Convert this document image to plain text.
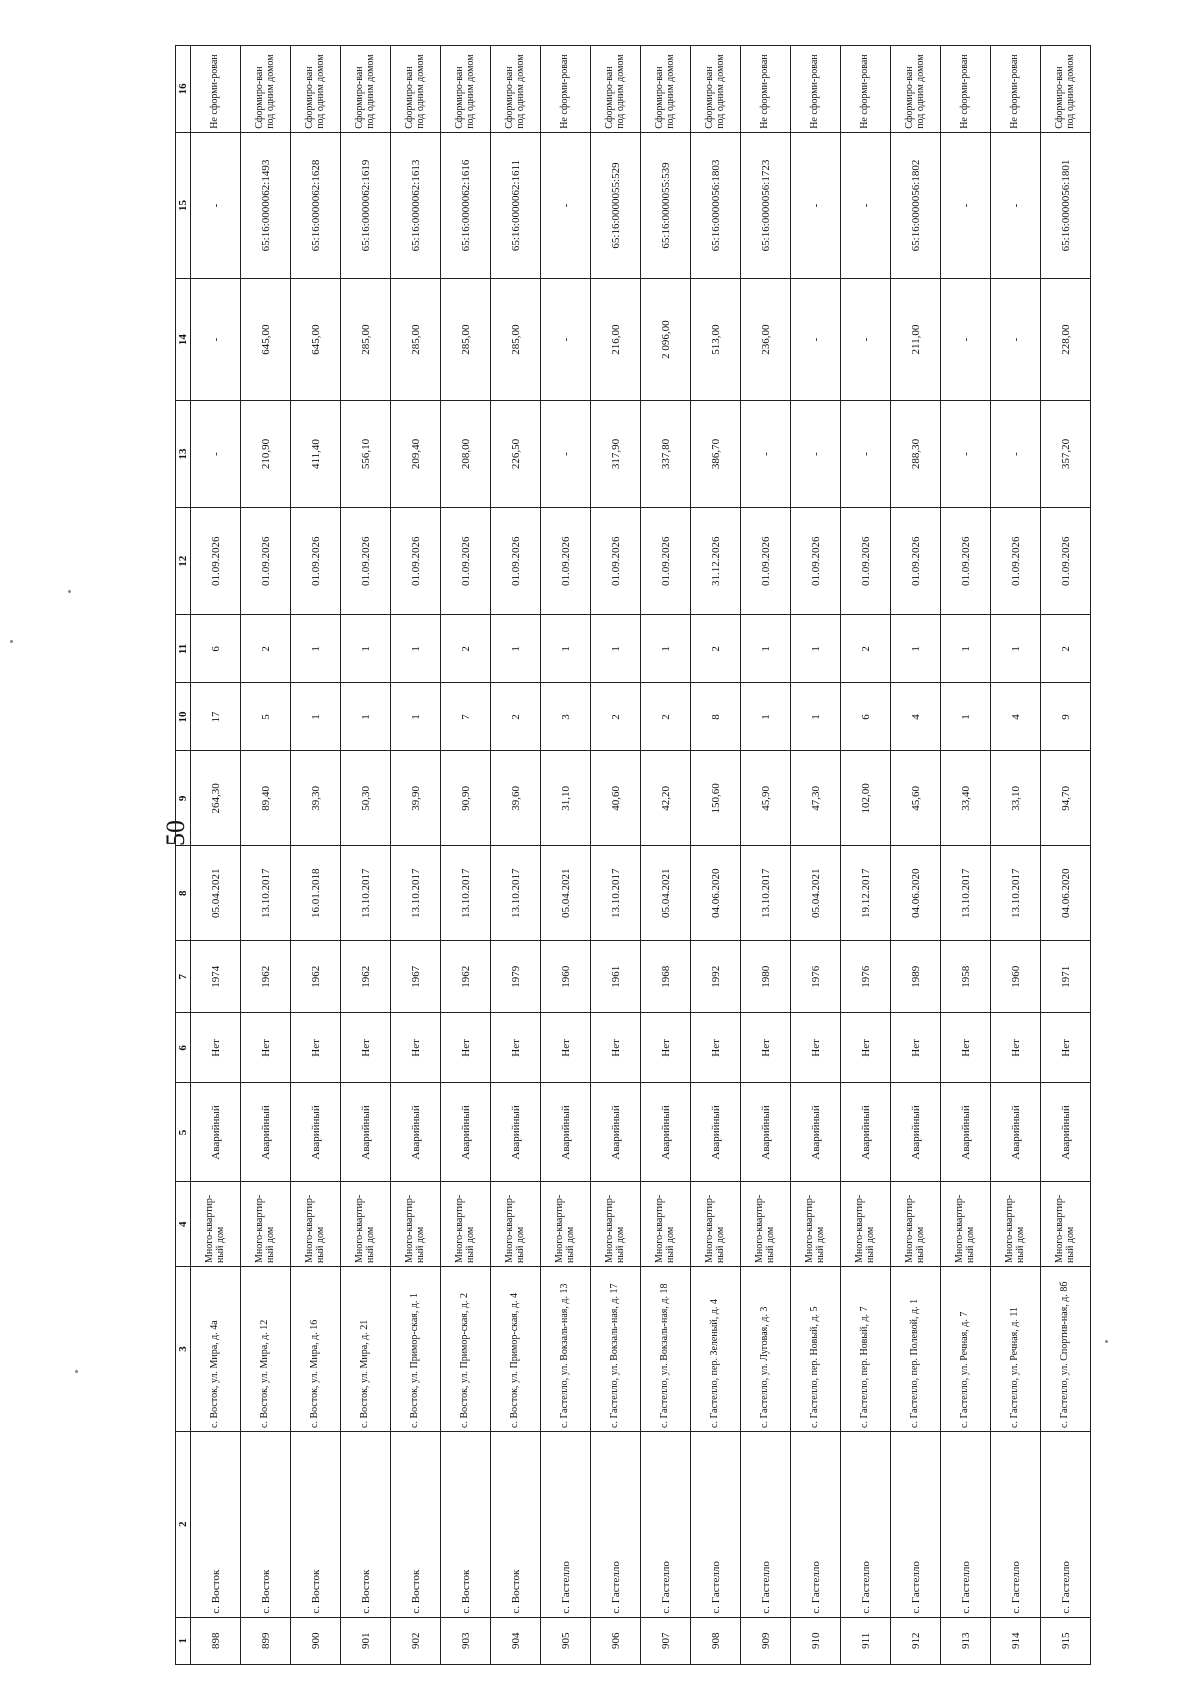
50
1	2	3	4	5	6	7	8	9	10	11	12	13	14	15	16
898	с. Восток	с. Восток, ул. Мира, д. 4а	Много-квартир-ный дом	Аварийный	Нет	1974	05.04.2021	264,30	17	6	01.09.2026	-	-	-	Не сформи-рован
899	с. Восток	с. Восток, ул. Мира, д. 12	Много-квартир-ный дом	Аварийный	Нет	1962	13.10.2017	89,40	5	2	01.09.2026	210,90	645,00	65:16:0000062:1493	Сформиро-ван под одним домом
900	с. Восток	с. Восток, ул. Мира, д. 16	Много-квартир-ный дом	Аварийный	Нет	1962	16.01.2018	39,30	1	1	01.09.2026	411,40	645,00	65:16:0000062:1628	Сформиро-ван под одним домом
901	с. Восток	с. Восток, ул. Мира, д. 21	Много-квартир-ный дом	Аварийный	Нет	1962	13.10.2017	50,30	1	1	01.09.2026	556,10	285,00	65:16:0000062:1619	Сформиро-ван под одним домом
902	с. Восток	с. Восток, ул. Примор-ская, д. 1	Много-квартир-ный дом	Аварийный	Нет	1967	13.10.2017	39,90	1	1	01.09.2026	209,40	285,00	65:16:0000062:1613	Сформиро-ван под одним домом
903	с. Восток	с. Восток, ул. Примор-ская, д. 2	Много-квартир-ный дом	Аварийный	Нет	1962	13.10.2017	90,90	7	2	01.09.2026	208,00	285,00	65:16:0000062:1616	Сформиро-ван под одним домом
904	с. Восток	с. Восток, ул. Примор-ская, д. 4	Много-квартир-ный дом	Аварийный	Нет	1979	13.10.2017	39,60	2	1	01.09.2026	226,50	285,00	65:16:0000062:1611	Сформиро-ван под одним домом
905	с. Гастелло	с. Гастелло, ул. Вокзаль-ная, д. 13	Много-квартир-ный дом	Аварийный	Нет	1960	05.04.2021	31,10	3	1	01.09.2026	-	-	-	Не сформи-рован
906	с. Гастелло	с. Гастелло, ул. Вокзаль-ная, д. 17	Много-квартир-ный дом	Аварийный	Нет	1961	13.10.2017	40,60	2	1	01.09.2026	317,90	216,00	65:16:0000055:529	Сформиро-ван под одним домом
907	с. Гастелло	с. Гастелло, ул. Вокзаль-ная, д. 18	Много-квартир-ный дом	Аварийный	Нет	1968	05.04.2021	42,20	2	1	01.09.2026	337,80	2 096,00	65:16:0000055:539	Сформиро-ван под одним домом
908	с. Гастелло	с. Гастелло, пер. Зеленый, д. 4	Много-квартир-ный дом	Аварийный	Нет	1992	04.06.2020	150,60	8	2	31.12.2026	386,70	513,00	65:16:0000056:1803	Сформиро-ван под одним домом
909	с. Гастелло	с. Гастелло, ул. Луговая, д. 3	Много-квартир-ный дом	Аварийный	Нет	1980	13.10.2017	45,90	1	1	01.09.2026	-	236,00	65:16:0000056:1723	Не сформи-рован
910	с. Гастелло	с. Гастелло, пер. Новый, д. 5	Много-квартир-ный дом	Аварийный	Нет	1976	05.04.2021	47,30	1	1	01.09.2026	-	-	-	Не сформи-рован
911	с. Гастелло	с. Гастелло, пер. Новый, д. 7	Много-квартир-ный дом	Аварийный	Нет	1976	19.12.2017	102,00	6	2	01.09.2026	-	-	-	Не сформи-рован
912	с. Гастелло	с. Гастелло, пер. Полевой, д. 1	Много-квартир-ный дом	Аварийный	Нет	1989	04.06.2020	45,60	4	1	01.09.2026	288,30	211,00	65:16:0000056:1802	Сформиро-ван под одним домом
913	с. Гастелло	с. Гастелло, ул. Речная, д. 7	Много-квартир-ный дом	Аварийный	Нет	1958	13.10.2017	33,40	1	1	01.09.2026	-	-	-	Не сформи-рован
914	с. Гастелло	с. Гастелло, ул. Речная, д. 11	Много-квартир-ный дом	Аварийный	Нет	1960	13.10.2017	33,10	4	1	01.09.2026	-	-	-	Не сформи-рован
915	с. Гастелло	с. Гастелло, ул. Спортив-ная, д. 8б	Много-квартир-ный дом	Аварийный	Нет	1971	04.06.2020	94,70	9	2	01.09.2026	357,20	228,00	65:16:0000056:1801	Сформиро-ван под одним домом
